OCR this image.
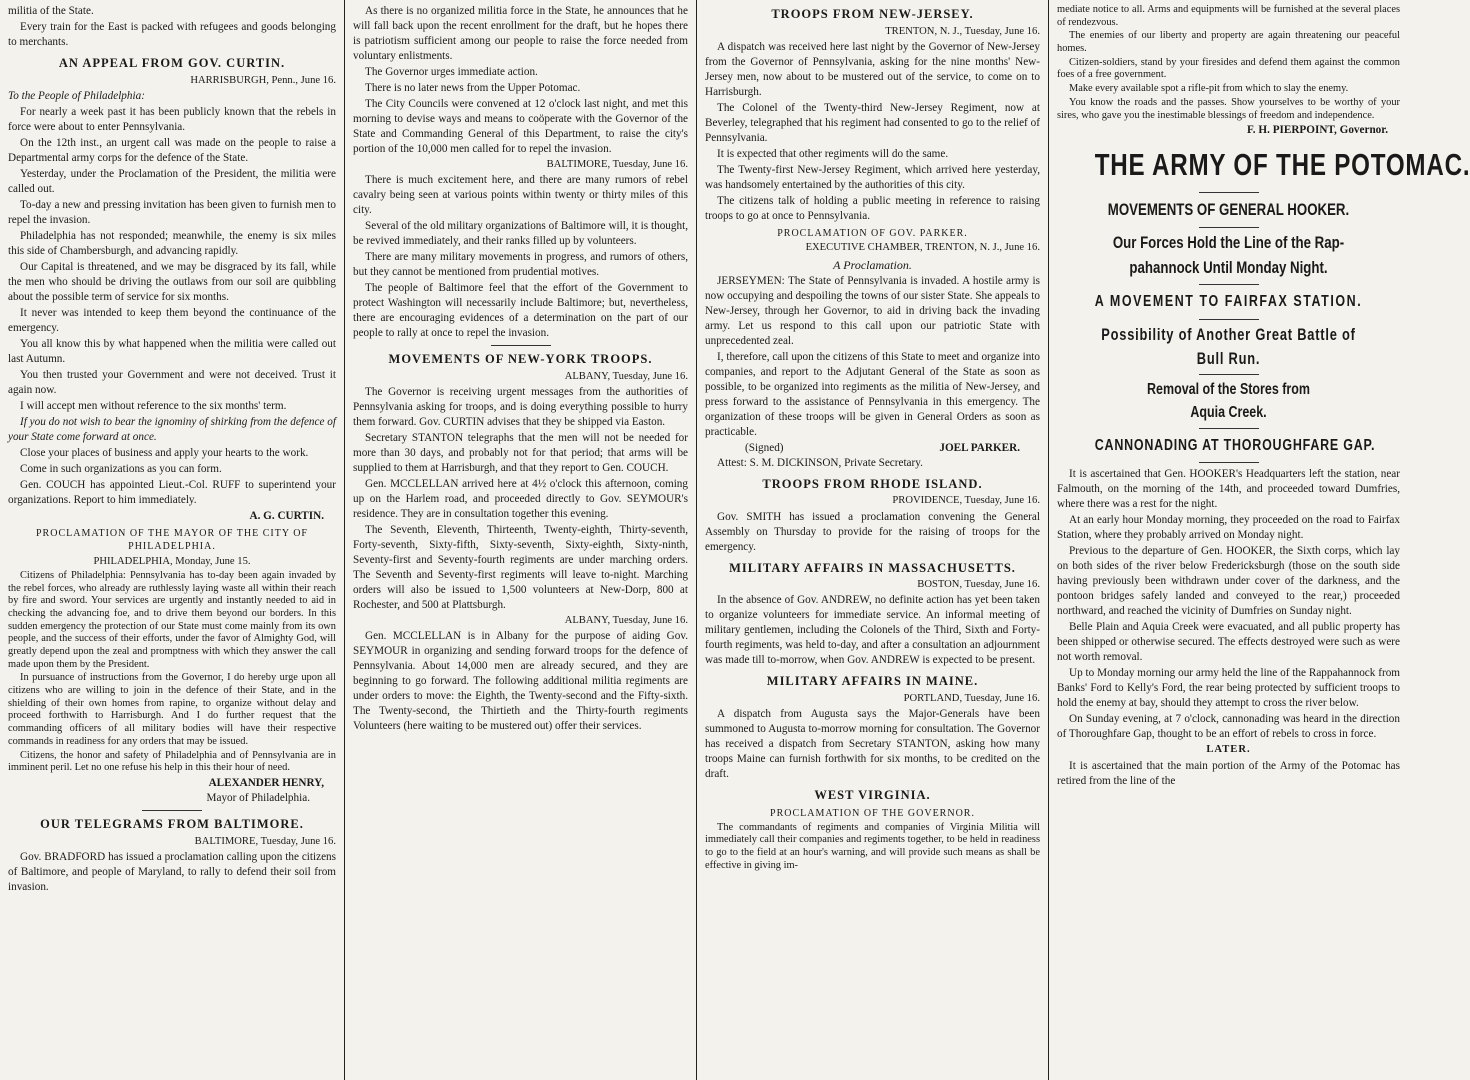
militia of the State.

Every train for the East is packed with refugees and goods belonging to merchants.

AN APPEAL FROM GOV. CURTIN.
HARRISBURGH, Penn., June 16.

To the People of Philadelphia:

For nearly a week past it has been publicly known that the rebels in force were about to enter Pennsylvania.

On the 12th inst., an urgent call was made on the people to raise a Departmental army corps for the defence of the State.

Yesterday, under the Proclamation of the President, the militia were called out.

To-day a new and pressing invitation has been given to furnish men to repel the invasion.

Philadelphia has not responded; meanwhile, the enemy is six miles this side of Chambersburgh, and advancing rapidly.

Our Capital is threatened, and we may be disgraced by its fall, while the men who should be driving the outlaws from our soil are quibbling about the possible term of service for six months.

It never was intended to keep them beyond the continuance of the emergency.

You all know this by what happened when the militia were called out last Autumn.

You then trusted your Government and were not deceived. Trust it again now.

I will accept men without reference to the six months' term.

If you do not wish to bear the ignominy of shirking from the defence of your State come forward at once.

Close your places of business and apply your hearts to the work.

Come in such organizations as you can form.

Gen. COUCH has appointed Lieut.-Col. RUFF to superintend your organizations. Report to him immediately.

A. G. CURTIN.
PROCLAMATION OF THE MAYOR OF THE CITY OF PHILADELPHIA.
PHILADELPHIA, Monday, June 15.

Citizens of Philadelphia: Pennsylvania has to-day been again invaded by the rebel forces, who already are ruthlessly laying waste all within their reach by fire and sword. Your services are urgently and instantly needed to aid in checking the advancing foe, and to drive them beyond our borders. In this sudden emergency the protection of our State must come mainly from its own people, and the success of their efforts, under the favor of Almighty God, will greatly depend upon the zeal and promptness with which they answer the call made upon them by the President.

In pursuance of instructions from the Governor, I do hereby urge upon all citizens who are willing to join in the defence of their State, and in the shielding of their own homes from rapine, to organize without delay and proceed forthwith to Harrisburgh. And I do further request that the commanding officers of all military bodies will have their respective commands in readiness for any orders that may be issued.

Citizens, the honor and safety of Philadelphia and of Pennsylvania are in imminent peril. Let no one refuse his help in this their hour of need.

ALEXANDER HENRY,
Mayor of Philadelphia.
OUR TELEGRAMS FROM BALTIMORE.
BALTIMORE, Tuesday, June 16.

Gov. BRADFORD has issued a proclamation calling upon the citizens of Baltimore, and people of Maryland, to rally to defend their soil from invasion.

As there is no organized militia force in the State, he announces that he will fall back upon the recent enrollment for the draft, but he hopes there is patriotism sufficient among our people to raise the force needed from voluntary enlistments.

The Governor urges immediate action.

There is no later news from the Upper Potomac.

The City Councils were convened at 12 o'clock last night, and met this morning to devise ways and means to coöperate with the Governor of the State and Commanding General of this Department, to raise the city's portion of the 10,000 men called for to repel the invasion.

BALTIMORE, Tuesday, June 16.

There is much excitement here, and there are many rumors of rebel cavalry being seen at various points within twenty or thirty miles of this city.

Several of the old military organizations of Baltimore will, it is thought, be revived immediately, and their ranks filled up by volunteers.

There are many military movements in progress, and rumors of others, but they cannot be mentioned from prudential motives.

The people of Baltimore feel that the effort of the Government to protect Washington will necessarily include Baltimore; but, nevertheless, there are encouraging evidences of a determination on the part of our people to rally at once to repel the invasion.

MOVEMENTS OF NEW-YORK TROOPS.
ALBANY, Tuesday, June 16.

The Governor is receiving urgent messages from the authorities of Pennsylvania asking for troops, and is doing everything possible to hurry them forward. Gov. CURTIN advises that they be shipped via Easton.

Secretary STANTON telegraphs that the men will not be needed for more than 30 days, and probably not for that period; that arms will be supplied to them at Harrisburgh, and that they report to Gen. COUCH.

Gen. MCCLELLAN arrived here at 4½ o'clock this afternoon, coming up on the Harlem road, and proceeded directly to Gov. SEYMOUR's residence. They are in consultation together this evening.

The Seventh, Eleventh, Thirteenth, Twenty-eighth, Thirty-seventh, Forty-seventh, Sixty-fifth, Sixty-seventh, Sixty-eighth, Sixty-ninth, Seventy-first and Seventy-fourth regiments are under marching orders. The Seventh and Seventy-first regiments will leave to-night. Marching orders will also be issued to 1,500 volunteers at New-Dorp, 800 at Rochester, and 500 at Plattsburgh.

ALBANY, Tuesday, June 16.

Gen. MCCLELLAN is in Albany for the purpose of aiding Gov. SEYMOUR in organizing and sending forward troops for the defence of Pennsylvania. About 14,000 men are already secured, and they are beginning to go forward. The following additional militia regiments are under orders to move: the Eighth, the Twenty-second and the Fifty-sixth. The Twenty-second, the Thirtieth and the Thirty-fourth regiments Volunteers (here waiting to be mustered out) offer their services.

TROOPS FROM NEW-JERSEY.
TRENTON, N. J., Tuesday, June 16.

A dispatch was received here last night by the Governor of New-Jersey from the Governor of Pennsylvania, asking for the nine months' New-Jersey men, now about to be mustered out of the service, to come on to Harrisburgh.

The Colonel of the Twenty-third New-Jersey Regiment, now at Beverley, telegraphed that his regiment had consented to go to the relief of Pennsylvania.

It is expected that other regiments will do the same.

The Twenty-first New-Jersey Regiment, which arrived here yesterday, was handsomely entertained by the authorities of this city.

The citizens talk of holding a public meeting in reference to raising troops to go at once to Pennsylvania.

PROCLAMATION OF GOV. PARKER.
EXECUTIVE CHAMBER, TRENTON, N. J., June 16.
A Proclamation.

JERSEYMEN: The State of Pennsylvania is invaded. A hostile army is now occupying and despoiling the towns of our sister State. She appeals to New-Jersey, through her Governor, to aid in driving back the invading army. Let us respond to this call upon our patriotic State with unprecedented zeal.

I, therefore, call upon the citizens of this State to meet and organize into companies, and report to the Adjutant General of the State as soon as possible, to be organized into regiments as the militia of New-Jersey, and press forward to the assistance of Pennsylvania in this emergency. The organization of these troops will be given in General Orders as soon as practicable.

(Signed)	JOEL PARKER.

Attest: S. M. DICKINSON, Private Secretary.

TROOPS FROM RHODE ISLAND.
PROVIDENCE, Tuesday, June 16.

Gov. SMITH has issued a proclamation convening the General Assembly on Thursday to provide for the raising of troops for the emergency.

MILITARY AFFAIRS IN MASSACHUSETTS.
BOSTON, Tuesday, June 16.

In the absence of Gov. ANDREW, no definite action has yet been taken to organize volunteers for immediate service. An informal meeting of military gentlemen, including the Colonels of the Third, Sixth and Forty-fourth regiments, was held to-day, and after a consultation an adjournment was made till to-morrow, when Gov. ANDREW is expected to be present.

MILITARY AFFAIRS IN MAINE.
PORTLAND, Tuesday, June 16.

A dispatch from Augusta says the Major-Generals have been summoned to Augusta to-morrow morning for consultation. The Governor has received a dispatch from Secretary STANTON, asking how many troops Maine can furnish forthwith for six months, to be credited on the draft.

WEST VIRGINIA.
PROCLAMATION OF THE GOVERNOR.

The commandants of regiments and companies of Virginia Militia will immediately call their companies and regiments together, to be held in readiness to go to the field at an hour's warning, and will provide such means as shall be effective in giving im-

mediate notice to all. Arms and equipments will be furnished at the several places of rendezvous.

The enemies of our liberty and property are again threatening our peaceful homes.

Citizen-soldiers, stand by your firesides and defend them against the common foes of a free government.

Make every available spot a rifle-pit from which to slay the enemy.

You know the roads and the passes. Show yourselves to be worthy of your sires, who gave you the inestimable blessings of freedom and independence.

F. H. PIERPOINT, Governor.
THE ARMY OF THE POTOMAC.
MOVEMENTS OF GENERAL HOOKER.
Our Forces Hold the Line of the Rap-
pahannock Until Monday Night.
A MOVEMENT TO FAIRFAX STATION.
Possibility of Another Great Battle of
Bull Run.
Removal of the Stores from
Aquia Creek.
CANNONADING AT THOROUGHFARE GAP.

It is ascertained that Gen. HOOKER's Headquarters left the station, near Falmouth, on the morning of the 14th, and proceeded toward Dumfries, where there was a rest for the night.

At an early hour Monday morning, they proceeded on the road to Fairfax Station, where they probably arrived on Monday night.

Previous to the departure of Gen. HOOKER, the Sixth corps, which lay on both sides of the river below Fredericksburgh (those on the south side having previously been withdrawn under cover of the darkness, and the pontoon bridges safely landed and conveyed to the rear,) proceeded northward, and reached the vicinity of Dumfries on Sunday night.

Belle Plain and Aquia Creek were evacuated, and all public property has been shipped or otherwise secured. The effects destroyed were such as were not worth removal.

Up to Monday morning our army held the line of the Rappahannock from Banks' Ford to Kelly's Ford, the rear being protected by sufficient troops to hold the enemy at bay, should they attempt to cross the river below.

On Sunday evening, at 7 o'clock, cannonading was heard in the direction of Thoroughfare Gap, thought to be an effort of rebels to cross in force.

LATER.

It is ascertained that the main portion of the Army of the Potomac has retired from the line of the
